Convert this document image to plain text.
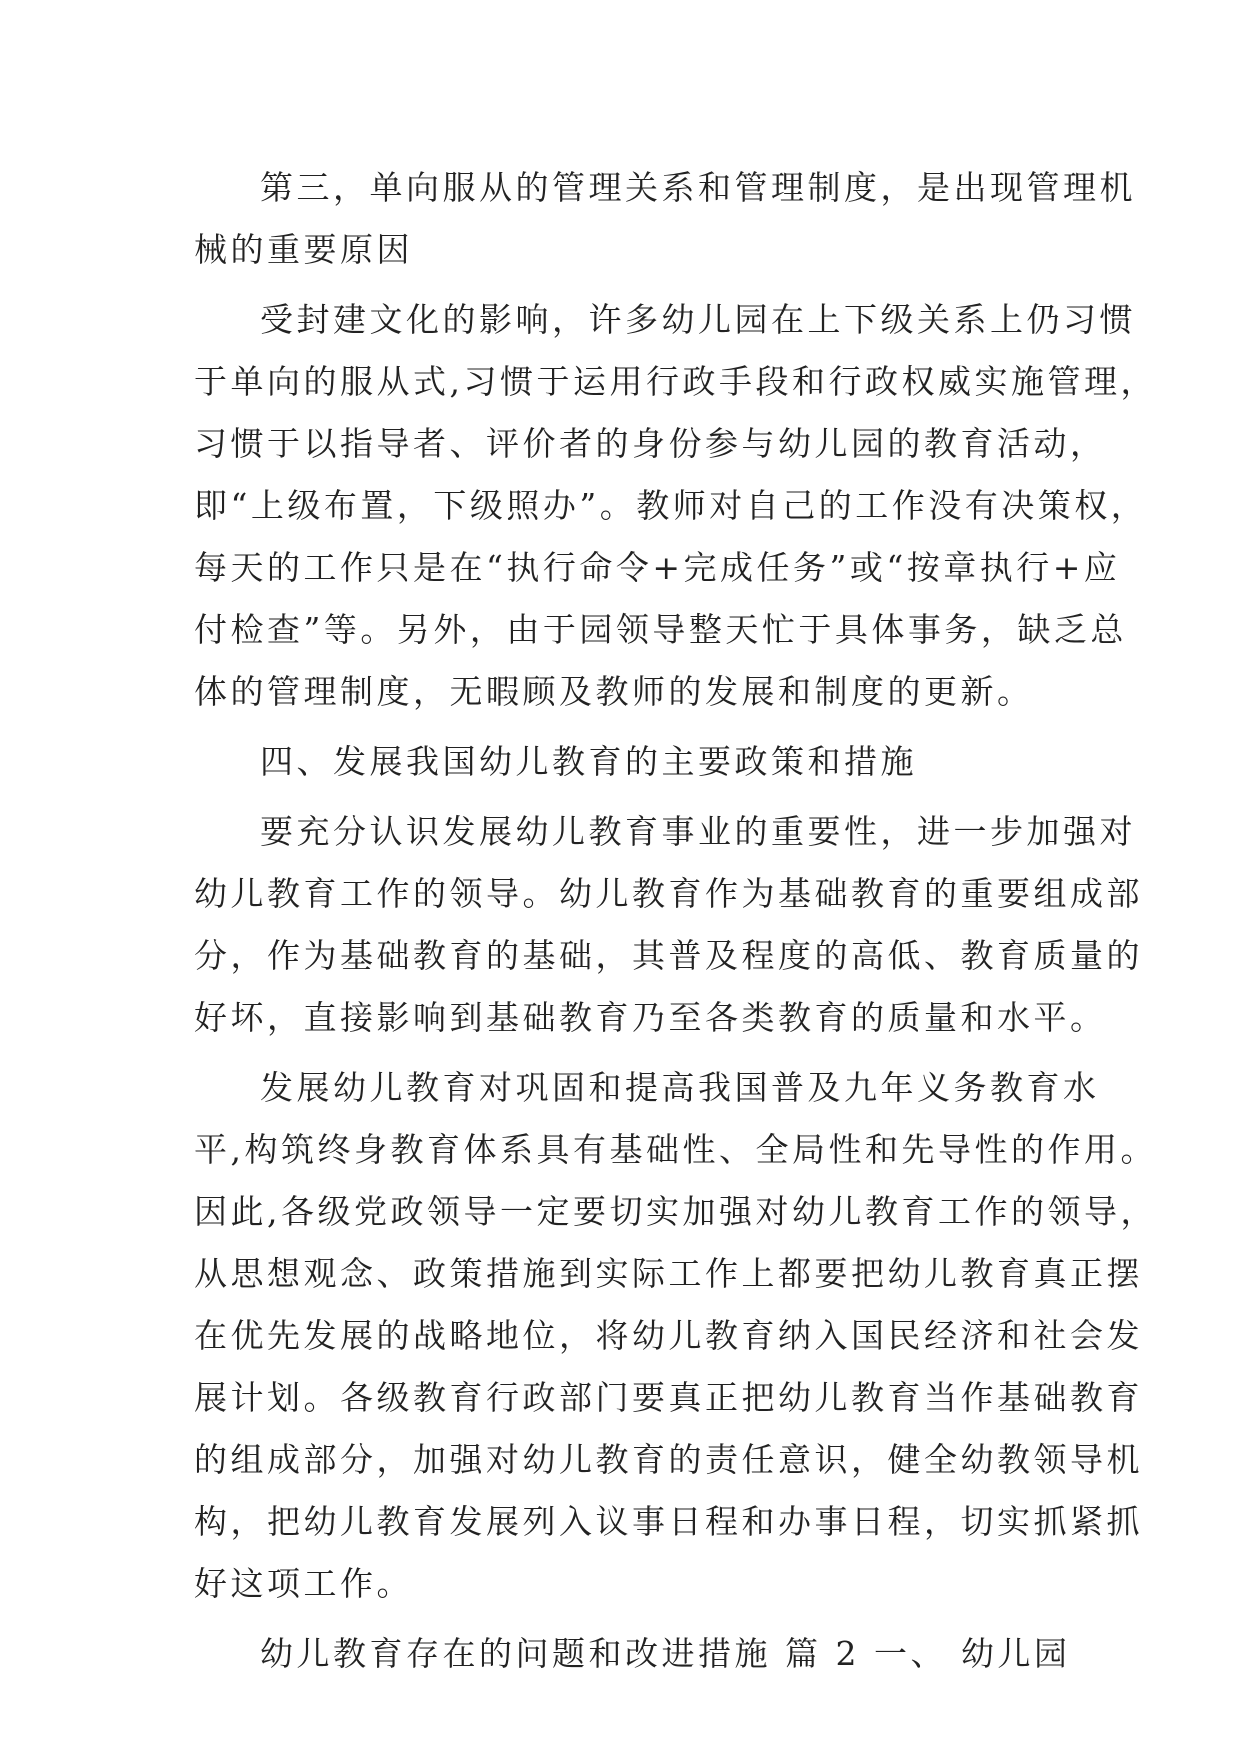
第三，单向服从的管理关系和管理制度，是出现管理机
械的重要原因
受封建文化的影响，许多幼儿园在上下级关系上仍习惯
于单向的服从式,习惯于运用行政手段和行政权威实施管理，
习惯于以指导者、评价者的身份参与幼儿园的教育活动，
即“上级布置，下级照办”。教师对自己的工作没有决策权，
每天的工作只是在“执行命令+完成任务”或“按章执行+应
付检查”等。另外，由于园领导整天忙于具体事务，缺乏总
体的管理制度，无暇顾及教师的发展和制度的更新。
四、发展我国幼儿教育的主要政策和措施
要充分认识发展幼儿教育事业的重要性，进一步加强对
幼儿教育工作的领导。幼儿教育作为基础教育的重要组成部
分，作为基础教育的基础，其普及程度的高低、教育质量的
好坏，直接影响到基础教育乃至各类教育的质量和水平。
发展幼儿教育对巩固和提高我国普及九年义务教育水
平,构筑终身教育体系具有基础性、全局性和先导性的作用。
因此,各级党政领导一定要切实加强对幼儿教育工作的领导，
从思想观念、政策措施到实际工作上都要把幼儿教育真正摆
在优先发展的战略地位，将幼儿教育纳入国民经济和社会发
展计划。各级教育行政部门要真正把幼儿教育当作基础教育
的组成部分，加强对幼儿教育的责任意识，健全幼教领导机
构，把幼儿教育发展列入议事日程和办事日程，切实抓紧抓
好这项工作。
幼儿教育存在的问题和改进措施 篇 2 一、 幼儿园
